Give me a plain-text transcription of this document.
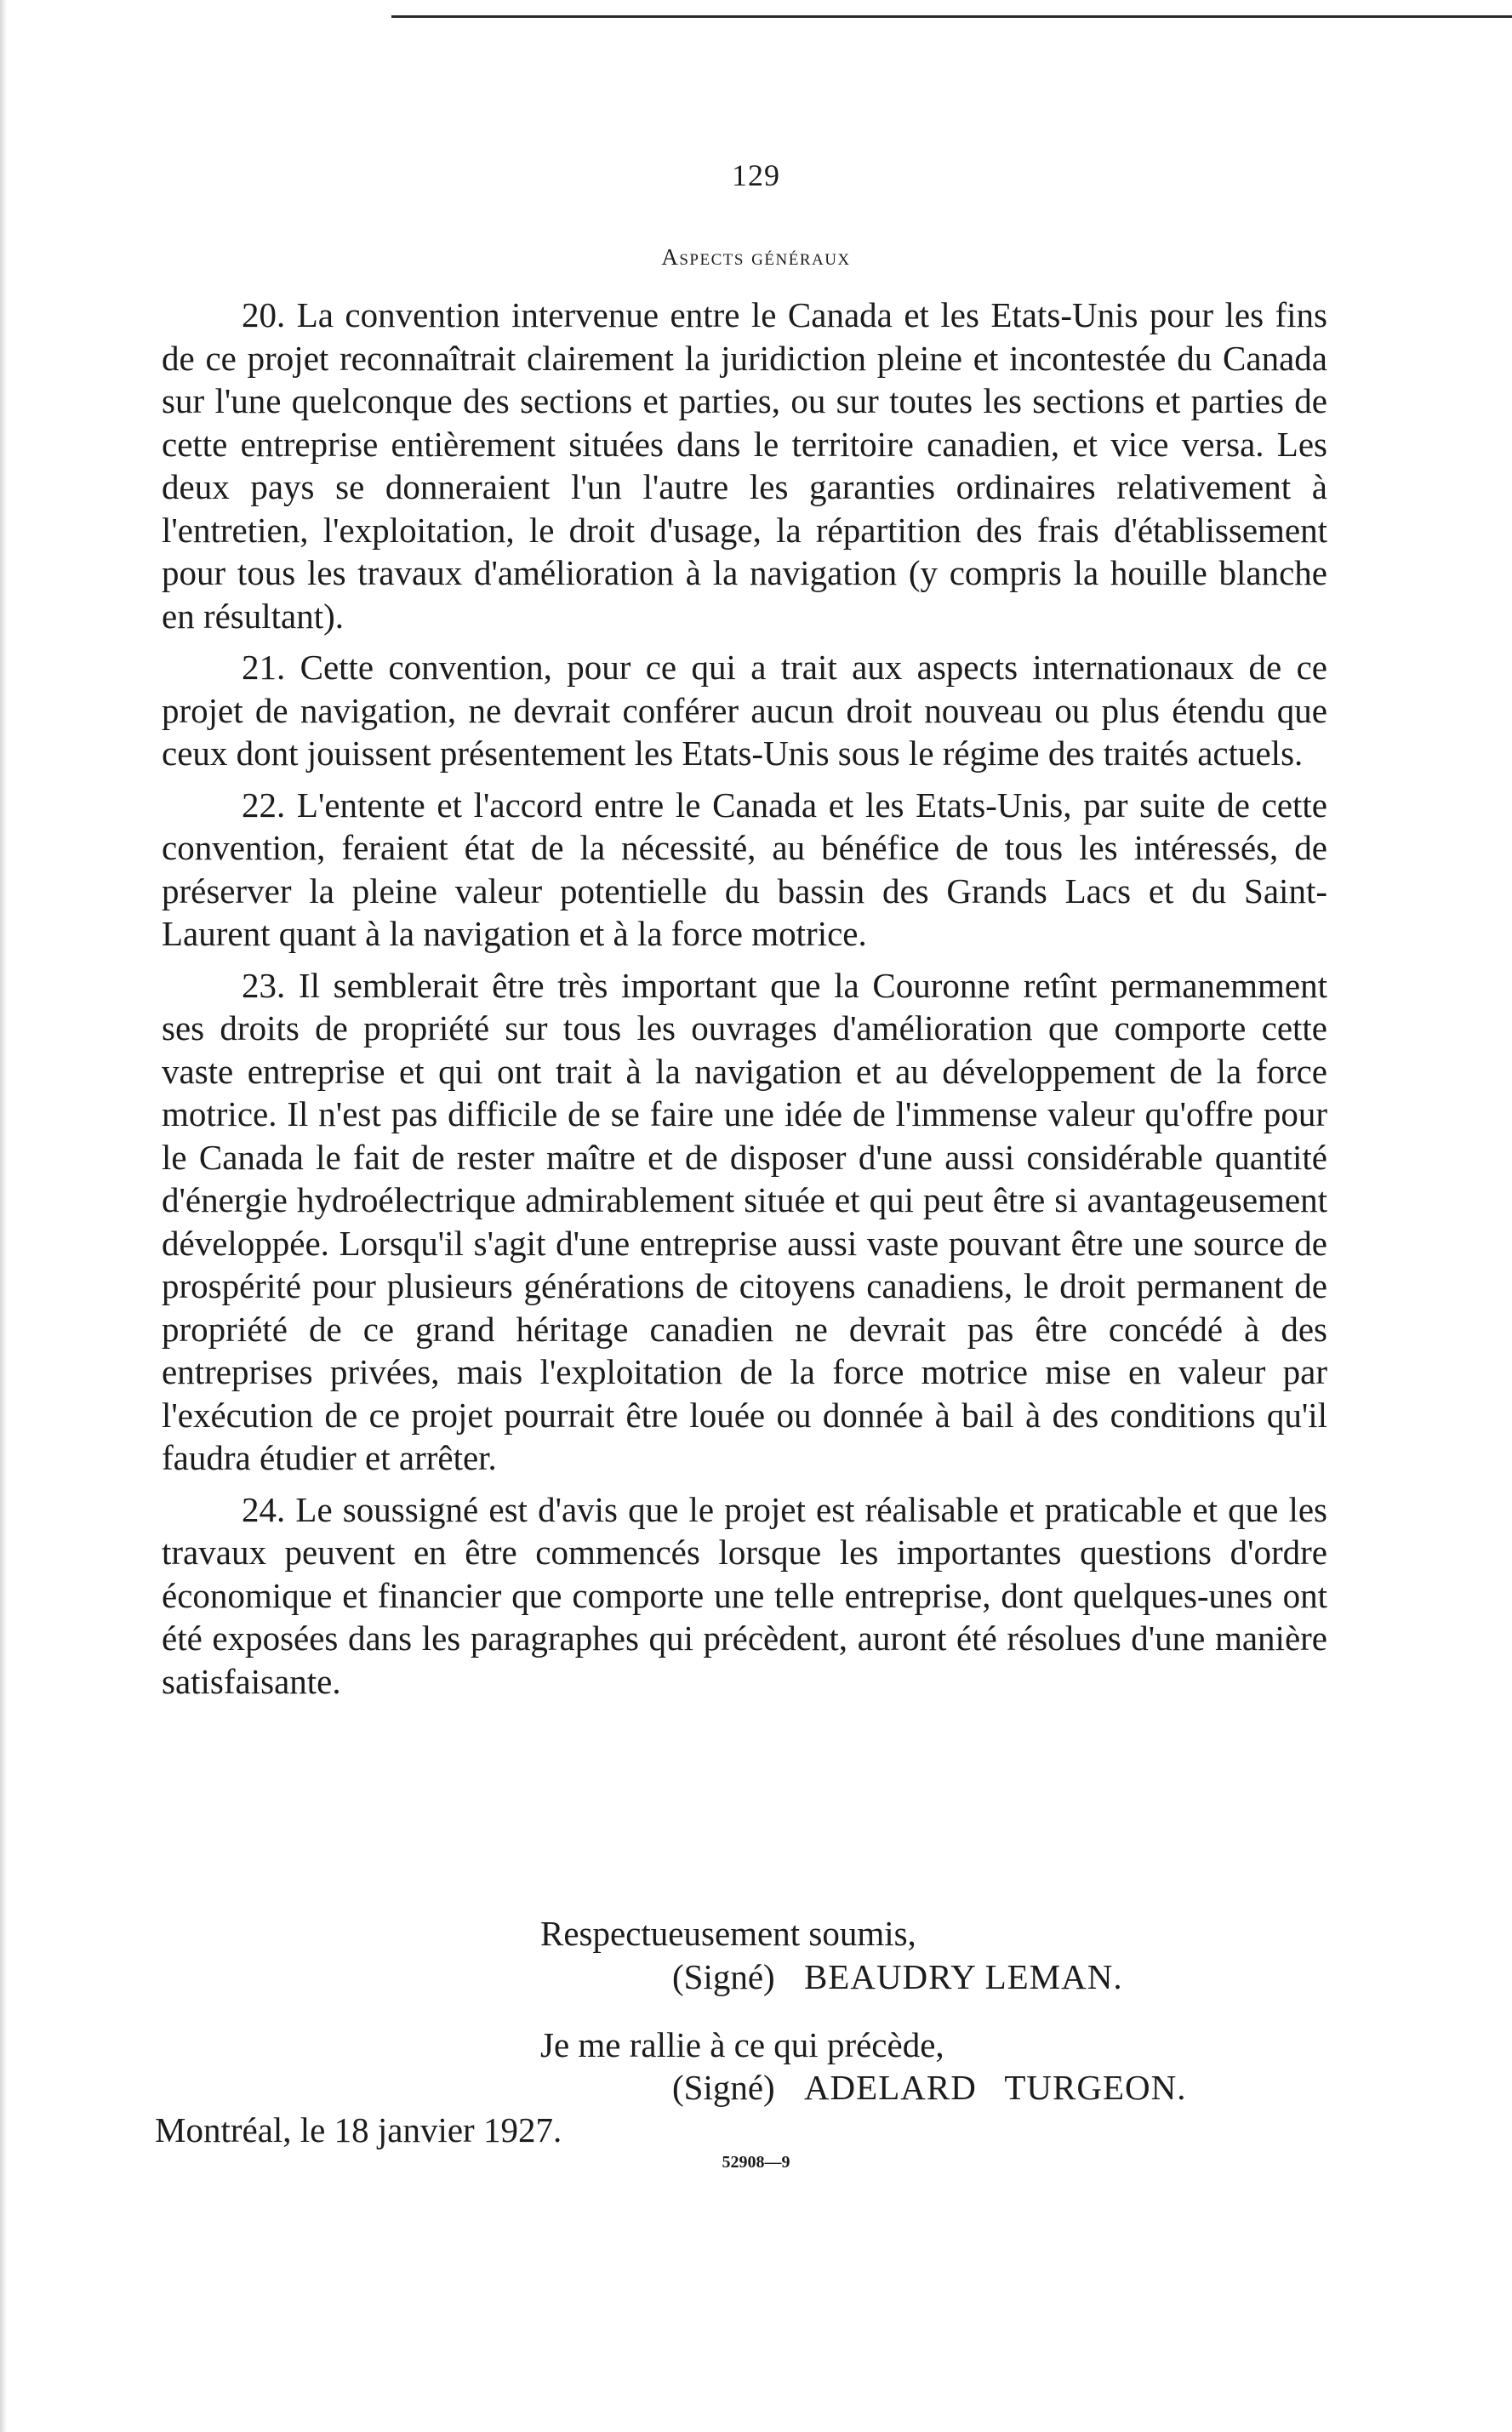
129
Aspects généraux

20. La convention intervenue entre le Canada et les Etats-Unis pour les fins de ce projet reconnaîtrait clairement la juridiction pleine et incontestée du Canada sur l'une quelconque des sections et parties, ou sur toutes les sections et parties de cette entreprise entièrement situées dans le territoire canadien, et vice versa. Les deux pays se donneraient l'un l'autre les garanties ordinaires relativement à l'entretien, l'exploitation, le droit d'usage, la répartition des frais d'établissement pour tous les travaux d'amélioration à la navigation (y compris la houille blanche en résultant).

21. Cette convention, pour ce qui a trait aux aspects internationaux de ce projet de navigation, ne devrait conférer aucun droit nouveau ou plus étendu que ceux dont jouissent présentement les Etats-Unis sous le régime des traités actuels.

22. L'entente et l'accord entre le Canada et les Etats-Unis, par suite de cette convention, feraient état de la nécessité, au bénéfice de tous les intéressés, de préserver la pleine valeur potentielle du bassin des Grands Lacs et du Saint-Laurent quant à la navigation et à la force motrice.

23. Il semblerait être très important que la Couronne retînt permanemment ses droits de propriété sur tous les ouvrages d'amélioration que comporte cette vaste entreprise et qui ont trait à la navigation et au développement de la force motrice. Il n'est pas difficile de se faire une idée de l'immense valeur qu'offre pour le Canada le fait de rester maître et de disposer d'une aussi considérable quantité d'énergie hydroélectrique admirablement située et qui peut être si avantageusement développée. Lorsqu'il s'agit d'une entreprise aussi vaste pouvant être une source de prospérité pour plusieurs générations de citoyens canadiens, le droit permanent de propriété de ce grand héritage canadien ne devrait pas être concédé à des entreprises privées, mais l'exploitation de la force motrice mise en valeur par l'exécution de ce projet pourrait être louée ou donnée à bail à des conditions qu'il faudra étudier et arrêter.

24. Le soussigné est d'avis que le projet est réalisable et praticable et que les travaux peuvent en être commencés lorsque les importantes questions d'ordre économique et financier que comporte une telle entreprise, dont quelques-unes ont été exposées dans les paragraphes qui précèdent, auront été résolues d'une manière satisfaisante.

Respectueusement soumis,
(Signé) BEAUDRY LEMAN.
Je me rallie à ce qui précède,
(Signé) ADELARD TURGEON.
Montréal, le 18 janvier 1927.
52908—9
